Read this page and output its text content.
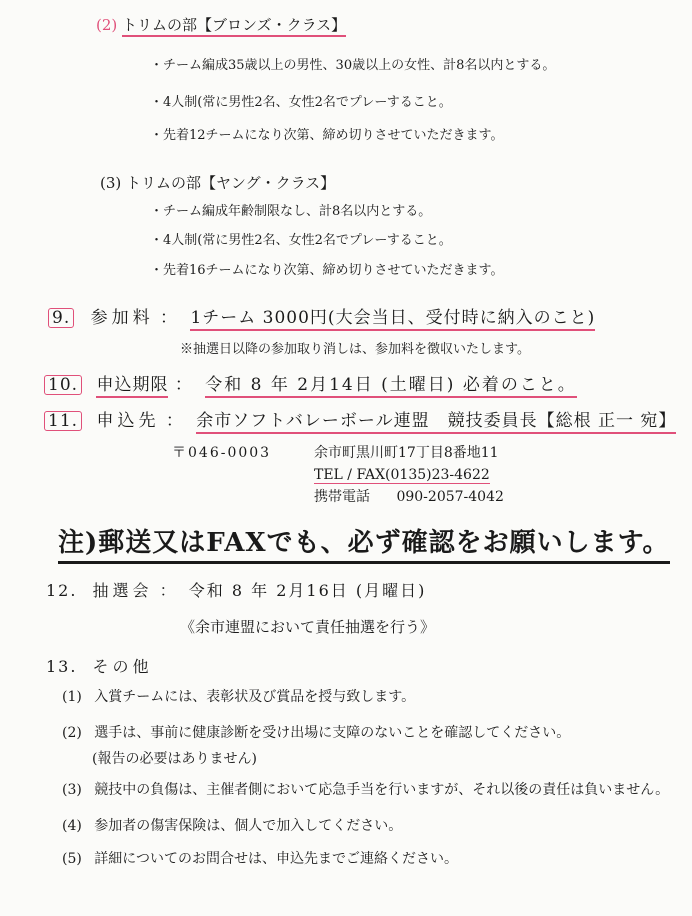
(2) トリムの部【ブロンズ・クラス】
・チーム編成35歳以上の男性、30歳以上の女性、計8名以内とする。
・4人制(常に男性2名、女性2名でプレーすること。
・先着12チームになり次第、締め切りさせていただきます。
(3) トリムの部【ヤング・クラス】
・チーム編成年齢制限なし、計8名以内とする。
・4人制(常に男性2名、女性2名でプレーすること。
・先着16チームになり次第、締め切りさせていただきます。
9. 参加料 ： 1チーム 3000円(大会当日、受付時に納入のこと)
※抽選日以降の参加取り消しは、参加料を徴収いたします。
10. 申込期限 ： 令和 8 年 2月14日 (土曜日) 必着のこと。
11. 申込先 ： 余市ソフトバレーボール連盟　競技委員長【総根 正一 宛】
〒046-0003	余市町黒川町17丁目8番地11
TEL / FAX(0135)23-4622
携帯電話 090-2057-4042
注)郵送又はFAXでも、必ず確認をお願いします。
12. 抽選会 ： 令和 8 年 2月16日 (月曜日)
《余市連盟において責任抽選を行う》
13. その他
(1) 入賞チームには、表彰状及び賞品を授与致します。
(2) 選手は、事前に健康診断を受け出場に支障のないことを確認してください。
(報告の必要はありません)
(3) 競技中の負傷は、主催者側において応急手当を行いますが、それ以後の責任は負いません。
(4) 参加者の傷害保険は、個人で加入してください。
(5) 詳細についてのお問合せは、申込先までご連絡ください。
